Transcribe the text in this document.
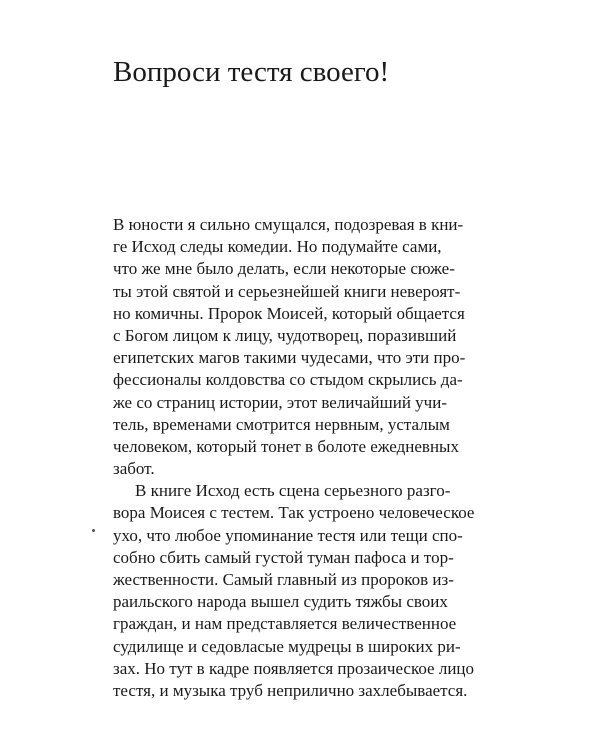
Вопроси тестя своего!
В юности я сильно смущался, подозревая в кни-
ге Исход следы комедии. Но подумайте сами,
что же мне было делать, если некоторые сюже-
ты этой святой и серьезнейшей книги невероят-
но комичны. Пророк Моисей, который общается
с Богом лицом к лицу, чудотворец, поразивший
египетских магов такими чудесами, что эти про-
фессионалы колдовства со стыдом скрылись да-
же со страниц истории, этот величайший учи-
тель, временами смотрится нервным, усталым
человеком, который тонет в болоте ежедневных
забот.
В книге Исход есть сцена серьезного разго-
вора Моисея с тестем. Так устроено человеческое
ухо, что любое упоминание тестя или тещи спо-
собно сбить самый густой туман пафоса и тор-
жественности. Самый главный из пророков из-
раильского народа вышел судить тяжбы своих
граждан, и нам представляется величественное
судилище и седовласые мудрецы в широких ри-
зах. Но тут в кадре появляется прозаическое лицо
тестя, и музыка труб неприлично захлебывается.
